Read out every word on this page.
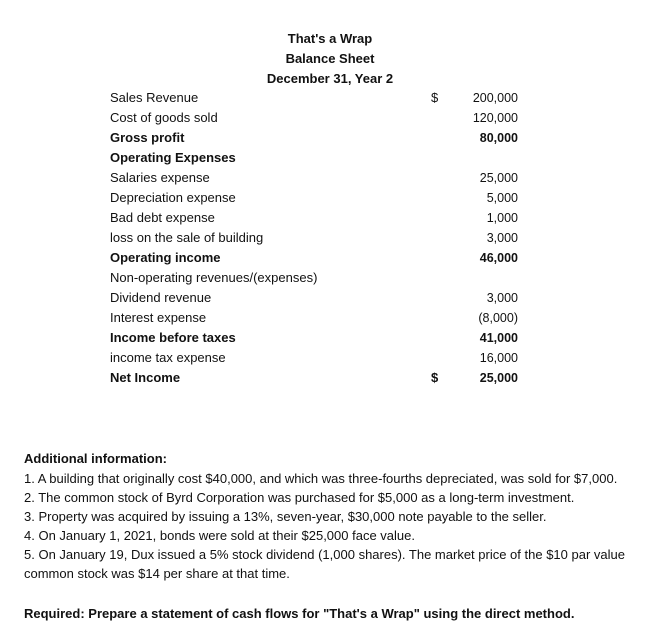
That's a Wrap
Balance Sheet
December 31, Year 2
Sales Revenue	$	200,000
Cost of goods sold	120,000
Gross profit	80,000
Operating Expenses
Salaries expense	25,000
Depreciation expense	5,000
Bad debt expense	1,000
loss on the sale of building	3,000
Operating income	46,000
Non-operating revenues/(expenses)
Dividend revenue	3,000
Interest expense	(8,000)
Income before taxes	41,000
income tax expense	16,000
Net Income	$	25,000
Additional information:
1. A building that originally cost $40,000, and which was three-fourths depreciated, was sold for $7,000.
2. The common stock of Byrd Corporation was purchased for $5,000 as a long-term investment.
3. Property was acquired by issuing a 13%, seven-year, $30,000 note payable to the seller.
4. On January 1, 2021, bonds were sold at their $25,000 face value.
5. On January 19, Dux issued a 5% stock dividend (1,000 shares). The market price of the $10 par value common stock was $14 per share at that time.
Required: Prepare a statement of cash flows for "That's a Wrap" using the direct method.
